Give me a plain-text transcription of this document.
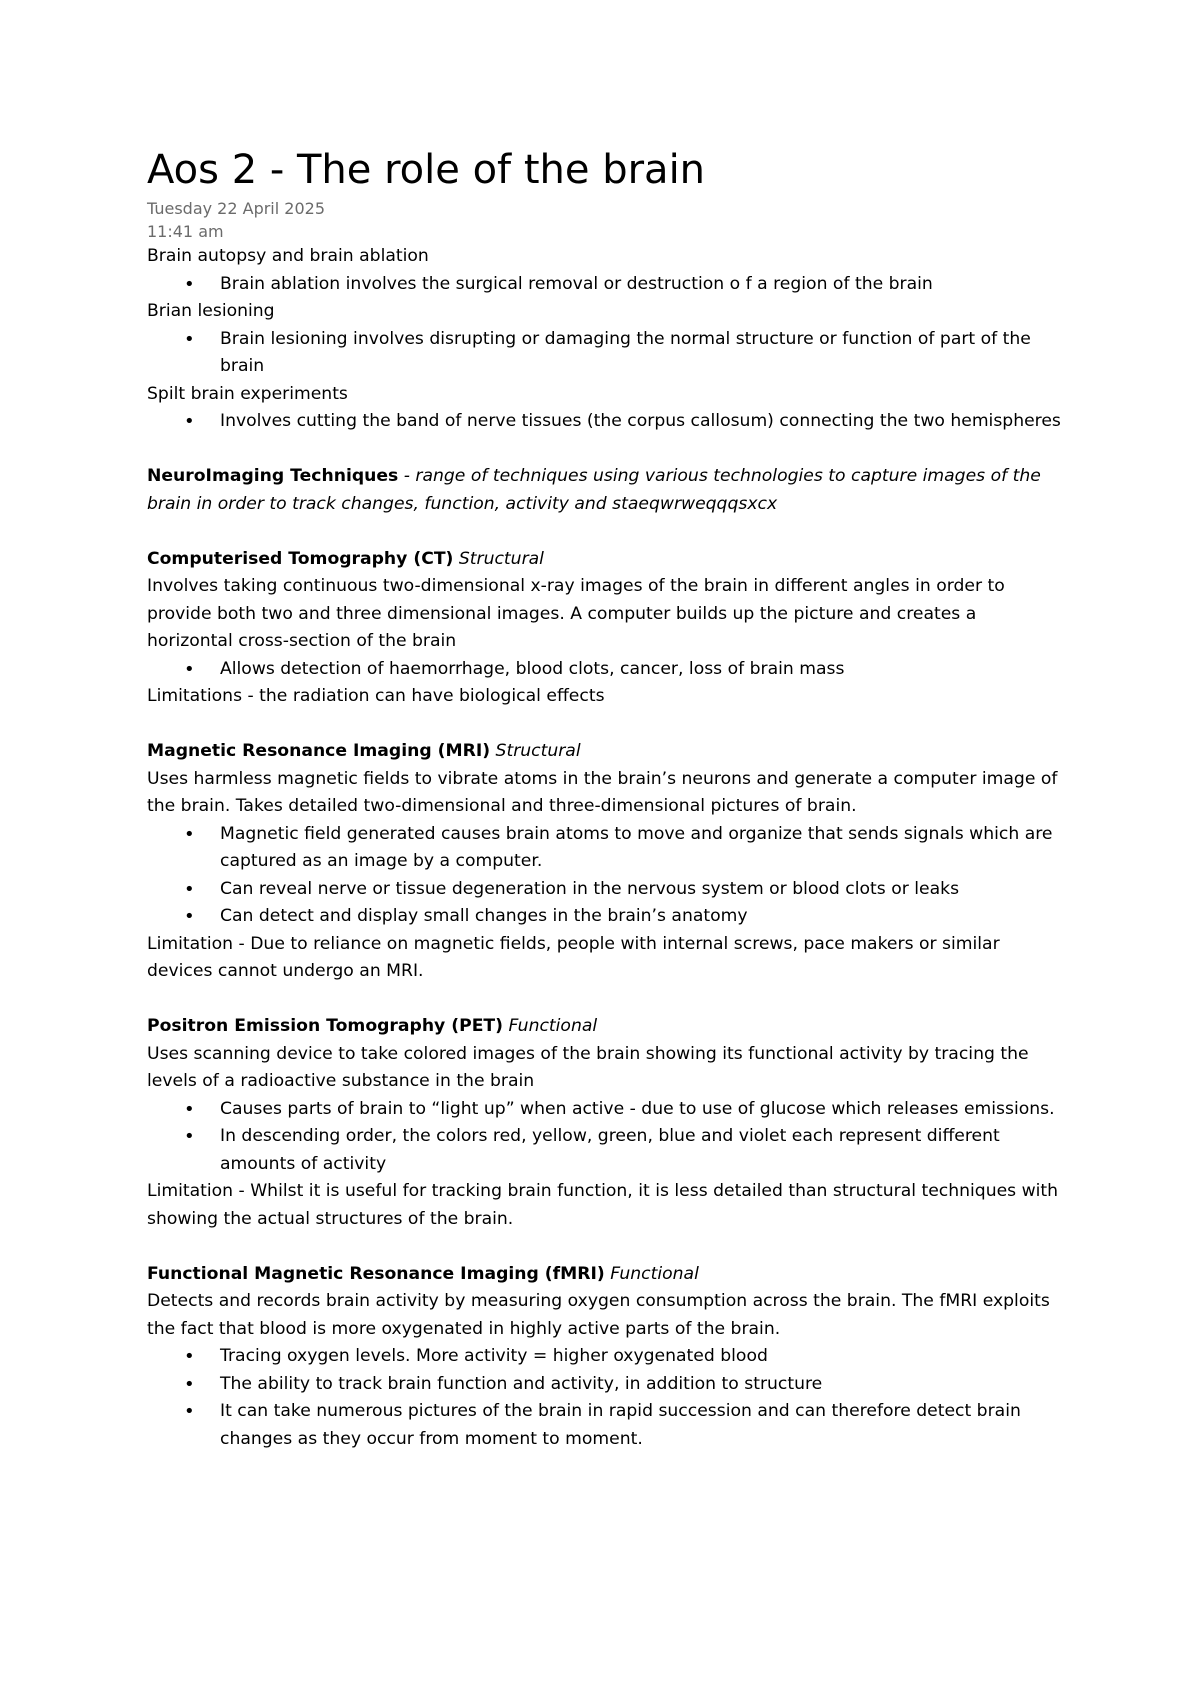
Aos 2 - The role of the brain
Tuesday 22 April 2025
11:41 am
Brain autopsy and brain ablation
• Brain ablation involves the surgical removal or destruction o f a region of the brain
Brian lesioning
• Brain lesioning involves disrupting or damaging the normal structure or function of part of the brain
Spilt brain experiments
• Involves cutting the band of nerve tissues (the corpus callosum) connecting the two hemispheres
NeuroImaging Techniques - range of techniques using various technologies to capture images of the brain in order to track changes, function, activity and staeqwrweqqqsxcx
Computerised Tomography (CT) Structural
Involves taking continuous two-dimensional x-ray images of the brain in different angles in order to provide both two and three dimensional images. A computer builds up the picture and creates a horizontal cross-section of the brain
• Allows detection of haemorrhage, blood clots, cancer, loss of brain mass
Limitations - the radiation can have biological effects
Magnetic Resonance Imaging (MRI) Structural
Uses harmless magnetic fields to vibrate atoms in the brain’s neurons and generate a computer image of the brain. Takes detailed two-dimensional and three-dimensional pictures of brain.
• Magnetic field generated causes brain atoms to move and organize that sends signals which are captured as an image by a computer.
• Can reveal nerve or tissue degeneration in the nervous system or blood clots or leaks
• Can detect and display small changes in the brain’s anatomy
Limitation - Due to reliance on magnetic fields, people with internal screws, pace makers or similar devices cannot undergo an MRI.
Positron Emission Tomography (PET) Functional
Uses scanning device to take colored images of the brain showing its functional activity by tracing the levels of a radioactive substance in the brain
• Causes parts of brain to “light up” when active - due to use of glucose which releases emissions.
• In descending order, the colors red, yellow, green, blue and violet each represent different amounts of activity
Limitation - Whilst it is useful for tracking brain function, it is less detailed than structural techniques with showing the actual structures of the brain.
Functional Magnetic Resonance Imaging (fMRI) Functional
Detects and records brain activity by measuring oxygen consumption across the brain. The fMRI exploits the fact that blood is more oxygenated in highly active parts of the brain.
• Tracing oxygen levels. More activity = higher oxygenated blood
• The ability to track brain function and activity, in addition to structure
• It can take numerous pictures of the brain in rapid succession and can therefore detect brain changes as they occur from moment to moment.
